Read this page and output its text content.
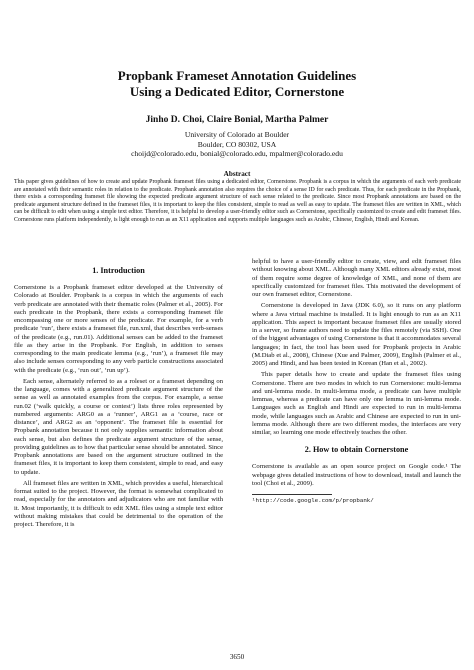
Propbank Frameset Annotation Guidelines
Using a Dedicated Editor, Cornerstone
Jinho D. Choi, Claire Bonial, Martha Palmer
University of Colorado at Boulder
Boulder, CO 80302, USA
choijd@colorado.edu, bonial@colorado.edu, mpalmer@colorado.edu
Abstract
This paper gives guidelines of how to create and update Propbank frameset files using a dedicated editor, Cornerstone. Propbank is a corpus in which the arguments of each verb predicate are annotated with their semantic roles in relation to the predicate. Propbank annotation also requires the choice of a sense ID for each predicate. Thus, for each predicate in the Propbank, there exists a corresponding frameset file showing the expected predicate argument structure of each sense related to the predicate. Since most Propbank annotations are based on the predicate argument structure defined in the frameset files, it is important to keep the files consistent, simple to read as well as easy to update. The frameset files are written in XML, which can be difficult to edit when using a simple text editor. Therefore, it is helpful to develop a user-friendly editor such as Cornerstone, specifically customized to create and edit frameset files. Cornerstone runs platform independently, is light enough to run as an X11 application and supports multiple languages such as Arabic, Chinese, English, Hindi and Korean.
1. Introduction

Cornerstone is a Propbank frameset editor developed at the University of Colorado at Boulder. Propbank is a corpus in which the arguments of each verb predicate are annotated with their thematic roles (Palmer et al., 2005). For each predicate in the Propbank, there exists a corresponding frameset file encompassing one or more senses of the predicate. For example, for a verb predicate ‘run’, there exists a frameset file, run.xml, that describes verb-senses of the predicate (e.g., run.01). Additional senses can be added to the frameset file as they arise in the Propbank. For English, in addition to senses corresponding to the main predicate lemma (e.g., ‘run’), a frameset file may also include senses corresponding to any verb particle constructions associated with the predicate (e.g., ‘run out’, ‘run up’).

Each sense, alternately referred to as a roleset or a frameset depending on the language, comes with a generalized predicate argument structure of the sense as well as annotated examples from the corpus. For example, a sense run.02 (‘walk quickly, a course or contest’) lists three roles represented by numbered arguments: ARG0 as a ‘runner’, ARG1 as a ‘course, race or distance’, and ARG2 as an ‘opponent’. The frameset file is essential for Propbank annotation because it not only supplies semantic information about each sense, but also defines the predicate argument structure of the sense, providing guidelines as to how that particular sense should be annotated. Since Propbank annotations are based on the argument structure outlined in the frameset files, it is important to keep them consistent, simple to read, and easy to update.

All frameset files are written in XML, which provides a useful, hierarchical format suited to the project. However, the format is somewhat complicated to read, especially for the annotators and adjudicators who are not familiar with it. Most importantly, it is difficult to edit XML files using a simple text editor without making mistakes that could be detrimental to the operation of the project. Therefore, it is

helpful to have a user-friendly editor to create, view, and edit frameset files without knowing about XML. Although many XML editors already exist, most of them require some degree of knowledge of XML, and none of them are specifically customized for frameset files. This motivated the development of our own frameset editor, Cornerstone.

Cornerstone is developed in Java (JDK 6.0), so it runs on any platform where a Java virtual machine is installed. It is light enough to run as an X11 application. This aspect is important because frameset files are usually stored in a server, so frame authors need to update the files remotely (via SSH). One of the biggest advantages of using Cornerstone is that it accommodates several languages; in fact, the tool has been used for Propbank projects in Arabic (M.Diab et al., 2008), Chinese (Xue and Palmer, 2009), English (Palmer et al., 2005) and Hindi, and has been tested in Korean (Han et al., 2002).

This paper details how to create and update the frameset files using Cornerstone. There are two modes in which to run Cornerstone: multi-lemma and uni-lemma mode. In multi-lemma mode, a predicate can have multiple lemmas, whereas a predicate can have only one lemma in uni-lemma mode. Languages such as English and Hindi are expected to run in multi-lemma mode, while languages such as Arabic and Chinese are expected to run in uni-lemma mode. Although there are two different modes, the interfaces are very similar, so learning one mode effectively teaches the other.

2. How to obtain Cornerstone

Cornerstone is available as an open source project on Google code.¹ The webpage gives detailed instructions of how to download, install and launch the tool (Choi et al., 2009).

¹http://code.google.com/p/propbank/
3650
